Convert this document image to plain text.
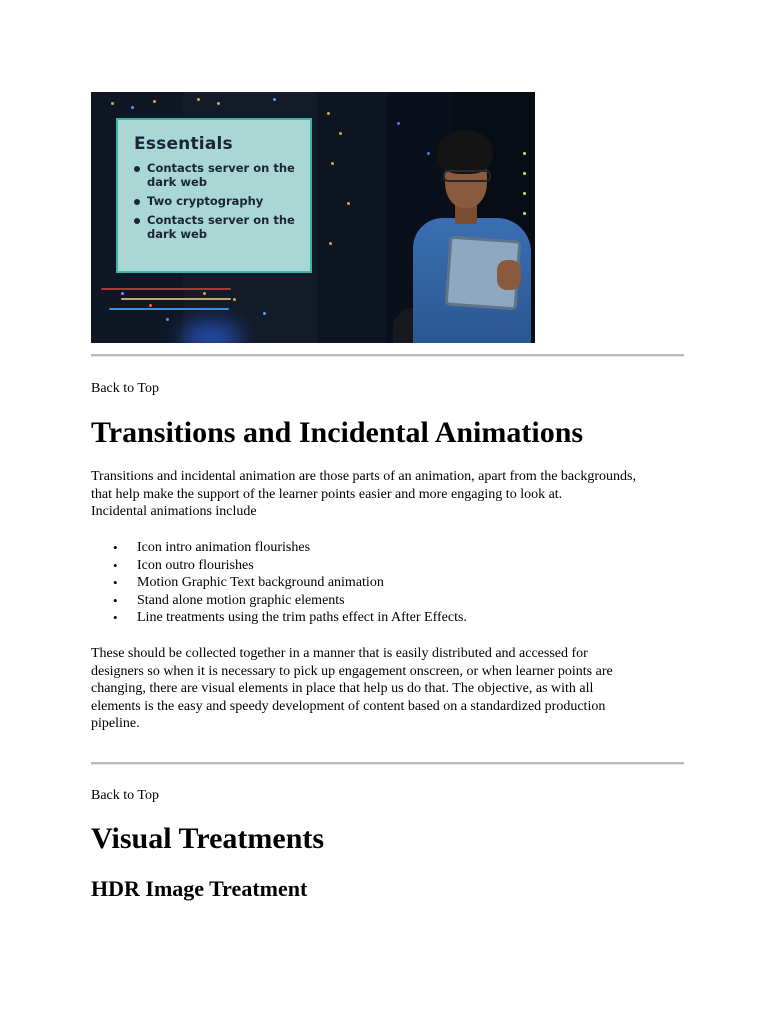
Essentials
Contacts server on the dark web
Two cryptography
Contacts server on the dark web
Back to Top
Transitions and Incidental Animations

Transitions and incidental animation are those parts of an animation, apart from the backgrounds,

that help make the support of the learner points easier and more engaging to look at.

Incidental animations include

• Icon intro animation flourishes
• Icon outro flourishes
• Motion Graphic Text background animation
• Stand alone motion graphic elements
• Line treatments using the trim paths effect in After Effects.

These should be collected together in a manner that is easily distributed and accessed for

designers so when it is necessary to pick up engagement onscreen, or when learner points are

changing, there are visual elements in place that help us do that. The objective, as with all

elements is the easy and speedy development of content based on a standardized production

pipeline.

Back to Top
Visual Treatments
HDR Image Treatment
